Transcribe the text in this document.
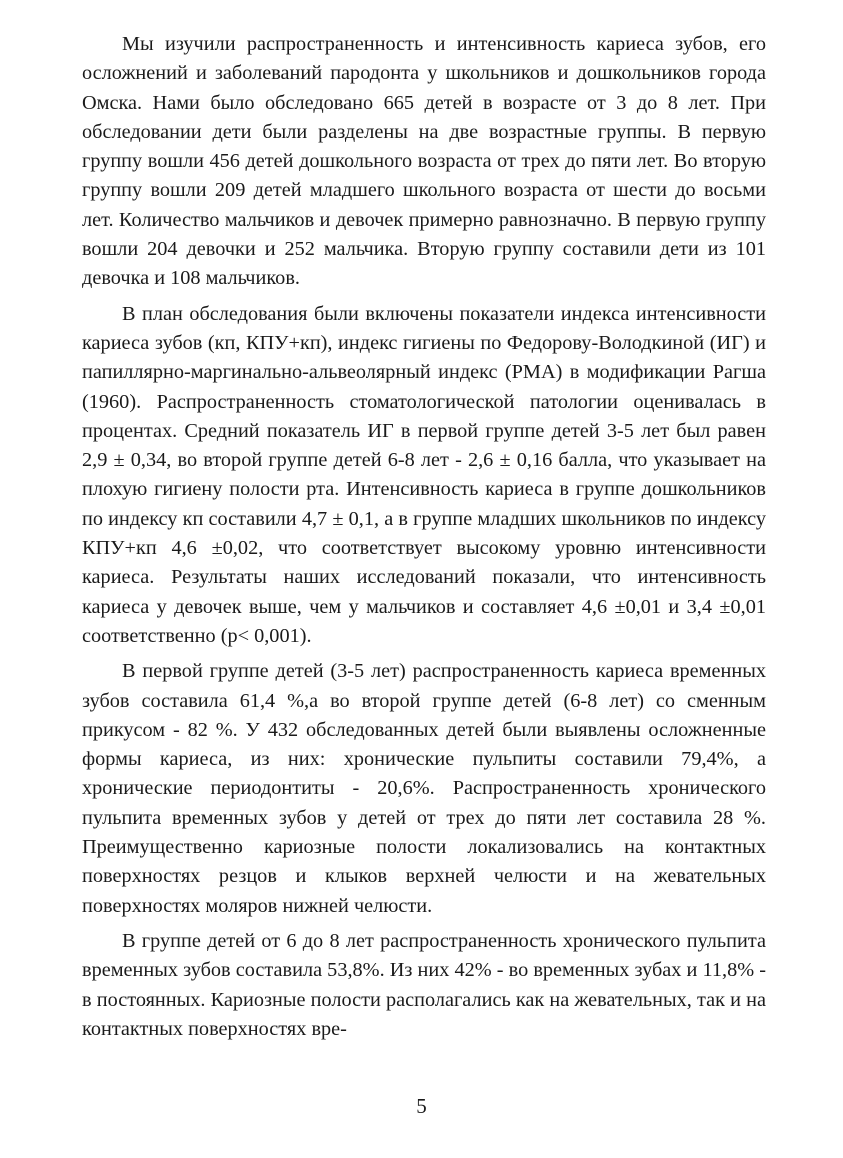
Мы изучили распространенность и интенсивность кариеса зубов, его осложнений и заболеваний пародонта у школьников и дошкольников города Омска. Нами было обследовано 665 детей в возрасте от 3 до 8 лет. При обследовании дети были разделены на две возрастные группы. В первую группу вошли 456 детей дошкольного возраста от трех до пяти лет. Во вторую группу вошли 209 детей младшего школьного возраста от шести до восьми лет. Количество мальчиков и девочек примерно равнозначно. В первую группу вошли 204 девочки и 252 мальчика. Вторую группу составили дети из 101 девочка и 108 мальчиков.

В план обследования были включены показатели индекса интенсивности кариеса зубов (кп, КПУ+кп), индекс гигиены по Федорову-Володкиной (ИГ) и папиллярно-маргинально-альвеолярный индекс (РМА) в модификации Рагша (1960). Распространенность стоматологической патологии оценивалась в процентах. Средний показатель ИГ в первой группе детей 3-5 лет был равен 2,9 ± 0,34, во второй группе детей 6-8 лет - 2,6 ± 0,16 балла, что указывает на плохую гигиену полости рта. Интенсивность кариеса в группе дошкольников по индексу кп составили 4,7 ± 0,1, а в группе младших школьников по индексу КПУ+кп 4,6 ±0,02, что соответствует высокому уровню интенсивности кариеса. Результаты наших исследований показали, что интенсивность кариеса у девочек выше, чем у мальчиков и составляет 4,6 ±0,01 и 3,4 ±0,01 соответственно (р< 0,001).

В первой группе детей (3-5 лет) распространенность кариеса временных зубов составила 61,4 %,а во второй группе детей (6-8 лет) со сменным прикусом - 82 %. У 432 обследованных детей были выявлены осложненные формы кариеса, из них: хронические пульпиты составили 79,4%, а хронические периодонтиты - 20,6%. Распространенность хронического пульпита временных зубов у детей от трех до пяти лет составила 28 %. Преимущественно кариозные полости локализовались на контактных поверхностях резцов и клыков верхней челюсти и на жевательных поверхностях моляров нижней челюсти.

В группе детей от 6 до 8 лет распространенность хронического пульпита временных зубов составила 53,8%. Из них 42% - во временных зубах и 11,8% - в постоянных. Кариозные полости располагались как на жевательных, так и на контактных поверхностях вре-

5
